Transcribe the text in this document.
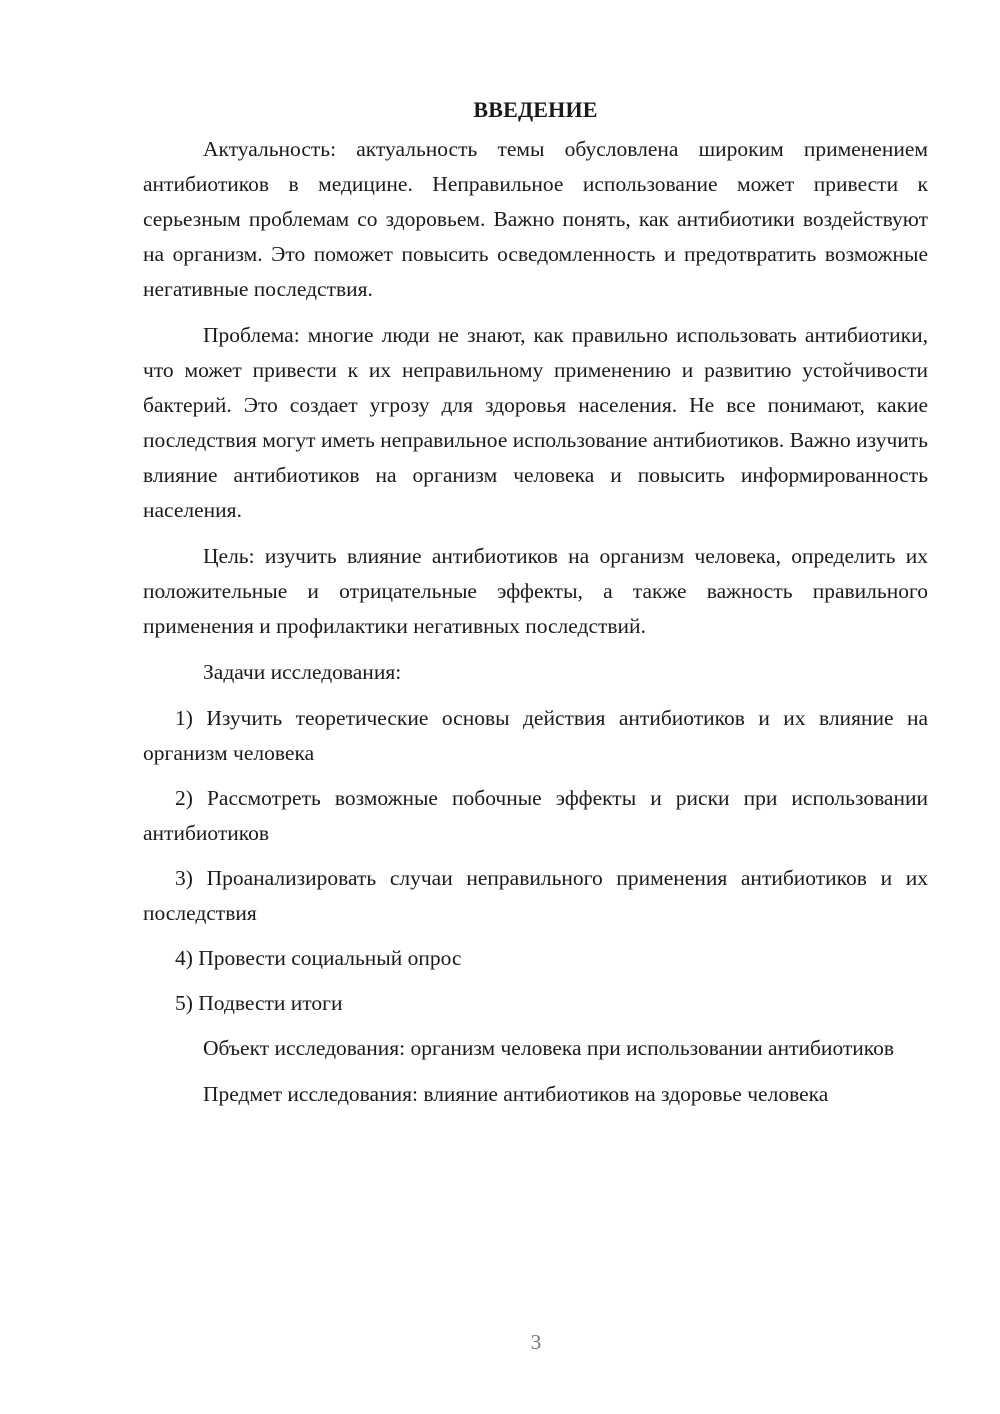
ВВЕДЕНИЕ

Актуальность: актуальность темы обусловлена широким применением антибиотиков в медицине. Неправильное использование может привести к серьезным проблемам со здоровьем. Важно понять, как антибиотики воздействуют на организм. Это поможет повысить осведомленность и предотвратить возможные негативные последствия.

Проблема: многие люди не знают, как правильно использовать антибиотики, что может привести к их неправильному применению и развитию устойчивости бактерий. Это создает угрозу для здоровья населения. Не все понимают, какие последствия могут иметь неправильное использование антибиотиков. Важно изучить влияние антибиотиков на организм человека и повысить информированность населения.

Цель: изучить влияние антибиотиков на организм человека, определить их положительные и отрицательные эффекты, а также важность правильного применения и профилактики негативных последствий.

Задачи исследования:

1) Изучить теоретические основы действия антибиотиков и их влияние на организм человека

2) Рассмотреть возможные побочные эффекты и риски при использовании антибиотиков

3) Проанализировать случаи неправильного применения антибиотиков и их последствия

4) Провести социальный опрос

5) Подвести итоги

Объект исследования: организм человека при использовании антибиотиков

Предмет исследования: влияние антибиотиков на здоровье человека

3
